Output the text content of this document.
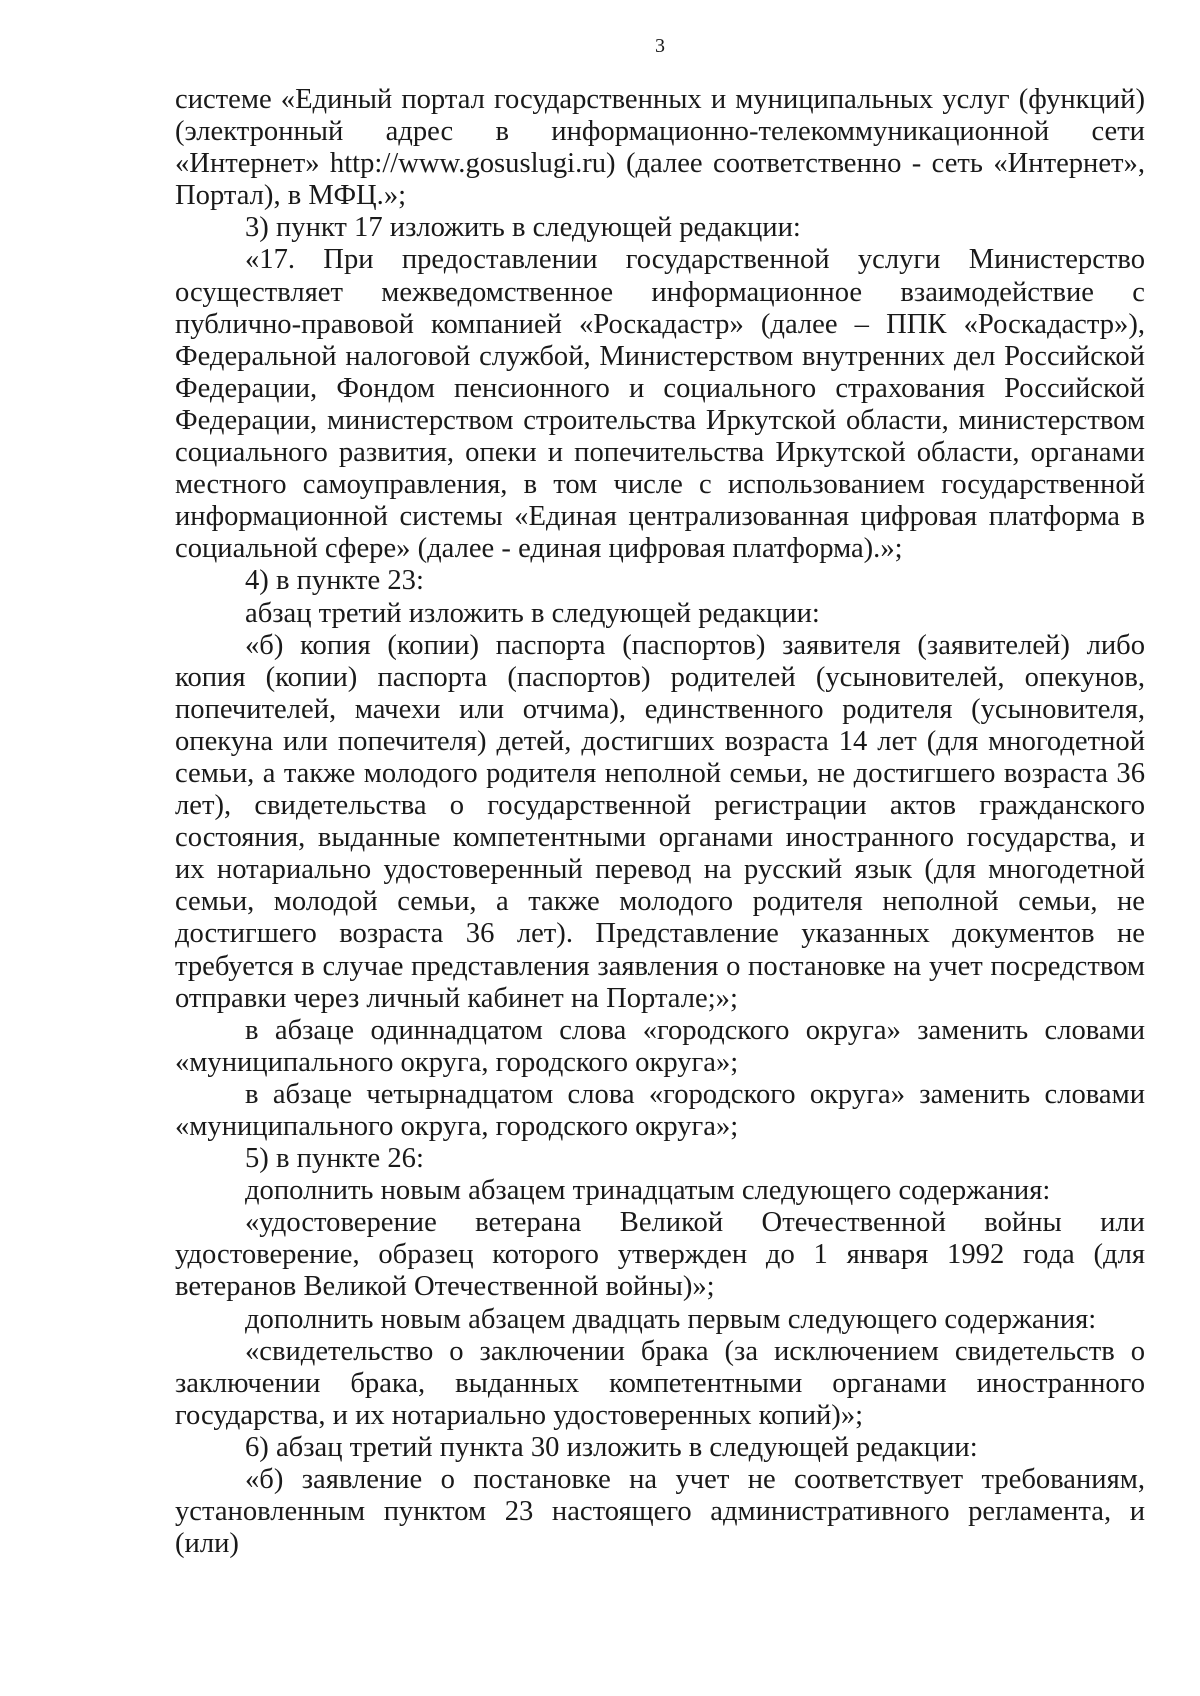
3

системе «Единый портал государственных и муниципальных услуг (функций) (электронный адрес в информационно-телекоммуникационной сети «Интернет» http://www.gosuslugi.ru) (далее соответственно - сеть «Интернет», Портал), в МФЦ.»;

3) пункт 17 изложить в следующей редакции:

«17. При предоставлении государственной услуги Министерство осуществляет межведомственное информационное взаимодействие с публично-правовой компанией «Роскадастр» (далее – ППК «Роскадастр»), Федеральной налоговой службой, Министерством внутренних дел Российской Федерации, Фондом пенсионного и социального страхования Российской Федерации, министерством строительства Иркутской области, министерством социального развития, опеки и попечительства Иркутской области, органами местного самоуправления, в том числе с использованием государственной информационной системы «Единая централизованная цифровая платформа в социальной сфере» (далее - единая цифровая платформа).»;

4) в пункте 23:

абзац третий изложить в следующей редакции:

«б) копия (копии) паспорта (паспортов) заявителя (заявителей) либо копия (копии) паспорта (паспортов) родителей (усыновителей, опекунов, попечителей, мачехи или отчима), единственного родителя (усыновителя, опекуна или попечителя) детей, достигших возраста 14 лет (для многодетной семьи, а также молодого родителя неполной семьи, не достигшего возраста 36 лет), свидетельства о государственной регистрации актов гражданского состояния, выданные компетентными органами иностранного государства, и их нотариально удостоверенный перевод на русский язык (для многодетной семьи, молодой семьи, а также молодого родителя неполной семьи, не достигшего возраста 36 лет). Представление указанных документов не требуется в случае представления заявления о постановке на учет посредством отправки через личный кабинет на Портале;»;

в абзаце одиннадцатом слова «городского округа» заменить словами «муниципального округа, городского округа»;

в абзаце четырнадцатом слова «городского округа» заменить словами «муниципального округа, городского округа»;

5) в пункте 26:

дополнить новым абзацем тринадцатым следующего содержания:

«удостоверение ветерана Великой Отечественной войны или удостоверение, образец которого утвержден до 1 января 1992 года (для ветеранов Великой Отечественной войны)»;

дополнить новым абзацем двадцать первым следующего содержания:

«свидетельство о заключении брака (за исключением свидетельств о заключении брака, выданных компетентными органами иностранного государства, и их нотариально удостоверенных копий)»;

6) абзац третий пункта 30 изложить в следующей редакции:

«б) заявление о постановке на учет не соответствует требованиям, установленным пунктом 23 настоящего административного регламента, и (или)
